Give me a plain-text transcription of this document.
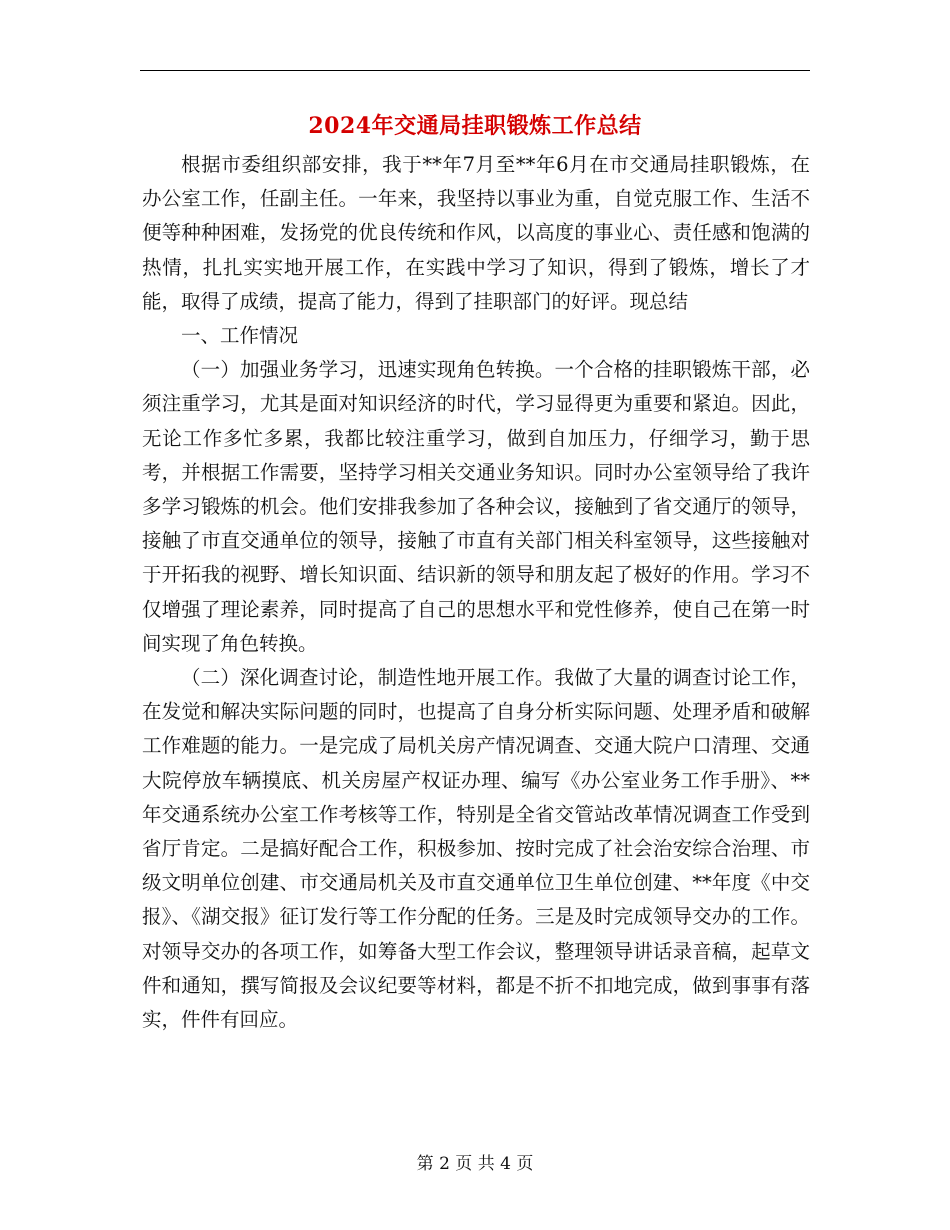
2024年交通局挂职锻炼工作总结

根据市委组织部安排，我于**年7月至**年6月在市交通局挂职锻炼，在办公室工作，任副主任。一年来，我坚持以事业为重，自觉克服工作、生活不便等种种困难，发扬党的优良传统和作风，以高度的事业心、责任感和饱满的热情，扎扎实实地开展工作，在实践中学习了知识，得到了锻炼，增长了才能，取得了成绩，提高了能力，得到了挂职部门的好评。现总结

一、工作情况

（一）加强业务学习，迅速实现角色转换。一个合格的挂职锻炼干部，必须注重学习，尤其是面对知识经济的时代，学习显得更为重要和紧迫。因此，无论工作多忙多累，我都比较注重学习，做到自加压力，仔细学习，勤于思考，并根据工作需要，坚持学习相关交通业务知识。同时办公室领导给了我许多学习锻炼的机会。他们安排我参加了各种会议，接触到了省交通厅的领导，接触了市直交通单位的领导，接触了市直有关部门相关科室领导，这些接触对于开拓我的视野、增长知识面、结识新的领导和朋友起了极好的作用。学习不仅增强了理论素养，同时提高了自己的思想水平和党性修养，使自己在第一时间实现了角色转换。

（二）深化调查讨论，制造性地开展工作。我做了大量的调查讨论工作，在发觉和解决实际问题的同时，也提高了自身分析实际问题、处理矛盾和破解工作难题的能力。一是完成了局机关房产情况调查、交通大院户口清理、交通大院停放车辆摸底、机关房屋产权证办理、编写《办公室业务工作手册》、**年交通系统办公室工作考核等工作，特别是全省交管站改革情况调查工作受到省厅肯定。二是搞好配合工作，积极参加、按时完成了社会治安综合治理、市级文明单位创建、市交通局机关及市直交通单位卫生单位创建、**年度《中交报》、《湖交报》征订发行等工作分配的任务。三是及时完成领导交办的工作。对领导交办的各项工作，如筹备大型工作会议，整理领导讲话录音稿，起草文件和通知，撰写简报及会议纪要等材料，都是不折不扣地完成，做到事事有落实，件件有回应。

第 2 页 共 4 页
